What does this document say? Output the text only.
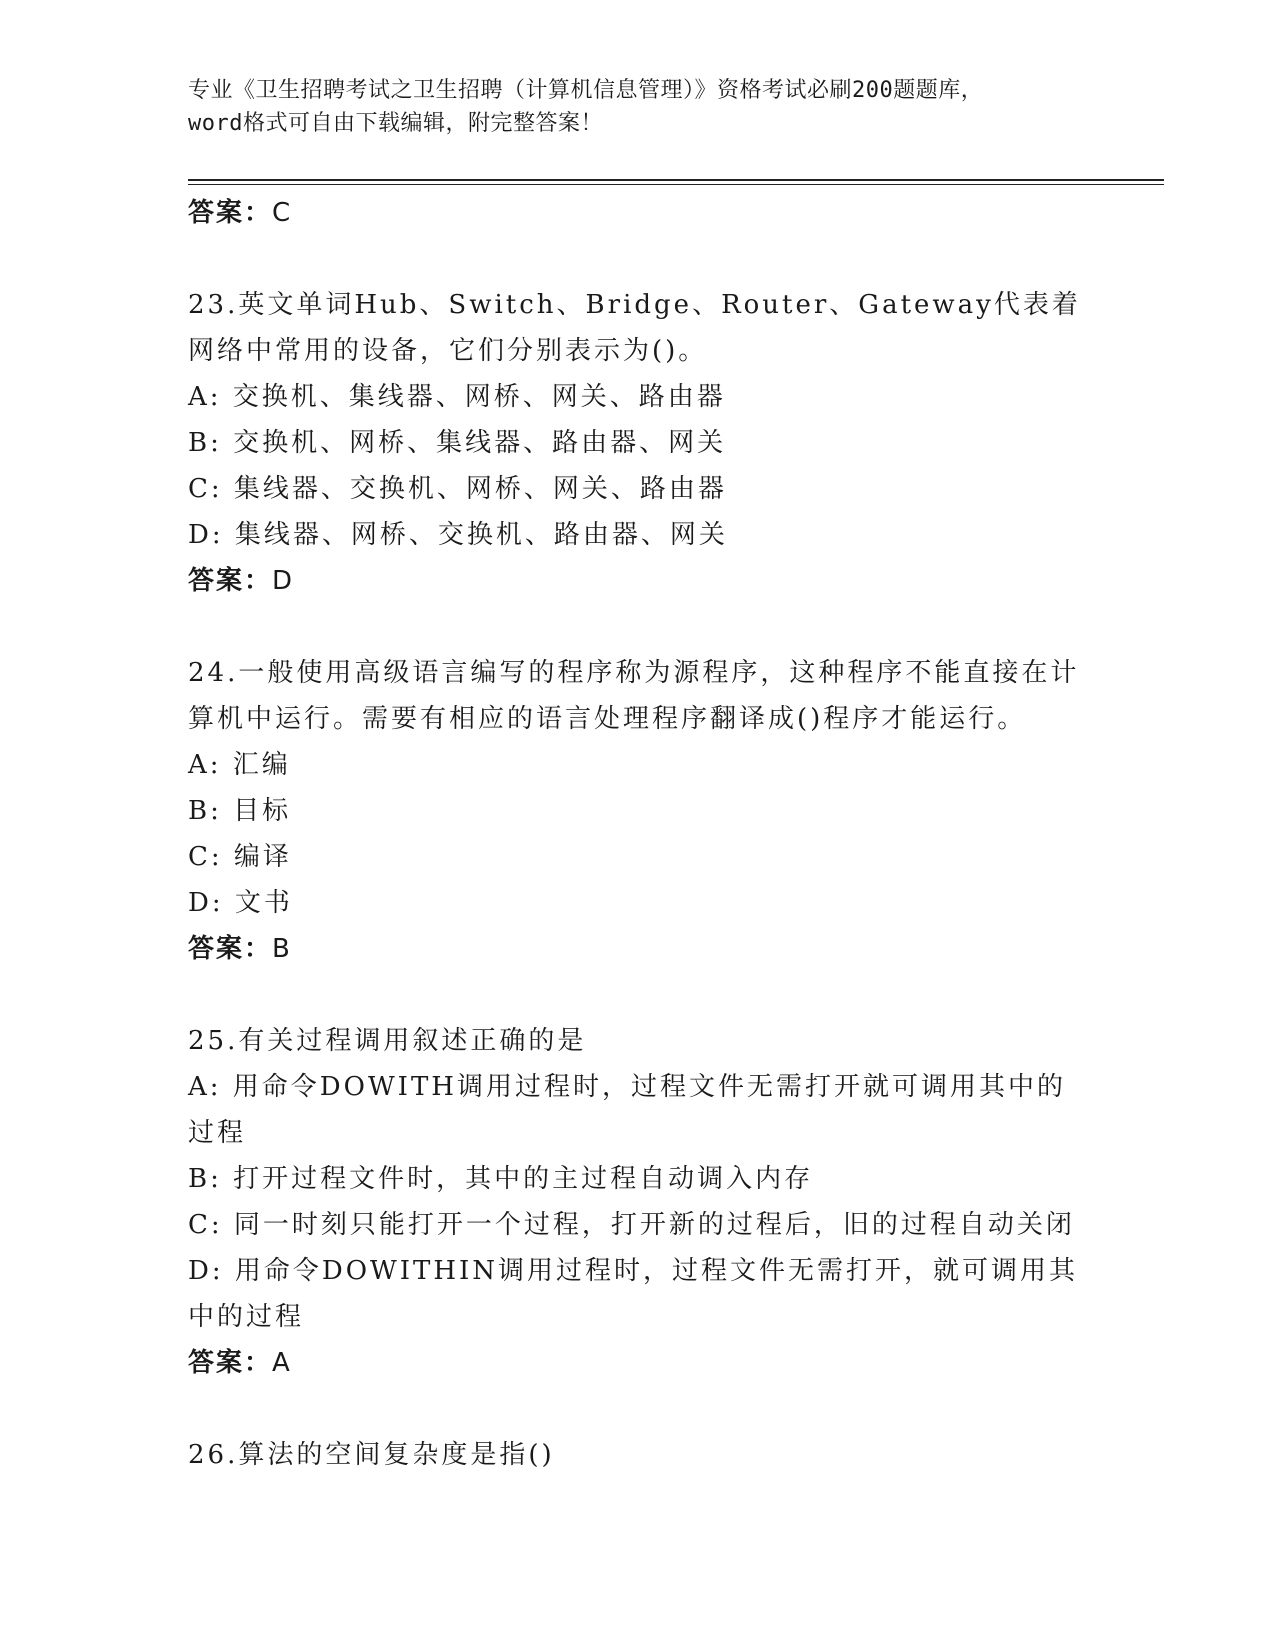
专业《卫生招聘考试之卫生招聘（计算机信息管理）》资格考试必刷200题题库，
word格式可自由下载编辑，附完整答案！
答案：C
23.英文单词Hub、Switch、Bridge、Router、Gateway代表着网络中常用的设备，它们分别表示为()。
A: 交换机、集线器、网桥、网关、路由器
B: 交换机、网桥、集线器、路由器、网关
C: 集线器、交换机、网桥、网关、路由器
D: 集线器、网桥、交换机、路由器、网关
答案：D
24.一般使用高级语言编写的程序称为源程序，这种程序不能直接在计算机中运行。需要有相应的语言处理程序翻译成()程序才能运行。
A: 汇编
B: 目标
C: 编译
D: 文书
答案：B
25.有关过程调用叙述正确的是
A: 用命令DOWITH调用过程时，过程文件无需打开就可调用其中的过程
B: 打开过程文件时，其中的主过程自动调入内存
C: 同一时刻只能打开一个过程，打开新的过程后，旧的过程自动关闭
D: 用命令DOWITHIN调用过程时，过程文件无需打开，就可调用其中的过程
答案：A
26.算法的空间复杂度是指()
